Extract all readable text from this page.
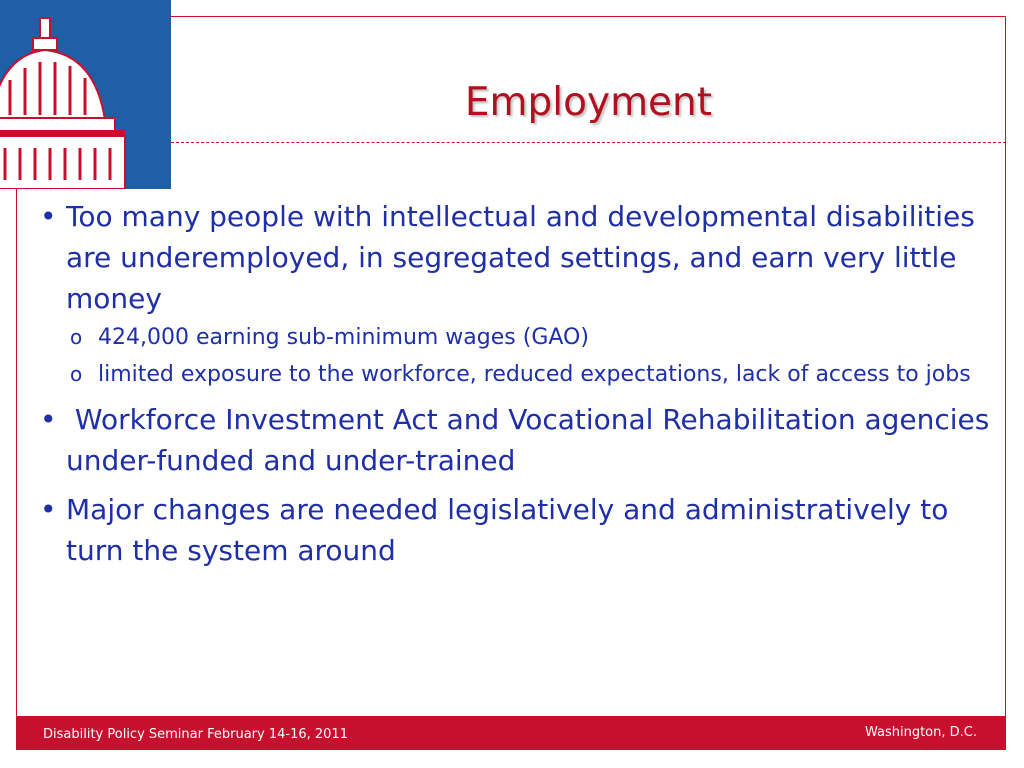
Employment
• Too many people with intellectual and developmental disabilities are underemployed, in segregated settings, and earn very little money
o 424,000 earning sub-minimum wages (GAO)
o limited exposure to the workforce, reduced expectations, lack of access to jobs
• Workforce Investment Act and Vocational Rehabilitation agencies under-funded and under-trained
• Major changes are needed legislatively and administratively to turn the system around
Disability Policy Seminar February 14-16, 2011	Washington, D.C.
